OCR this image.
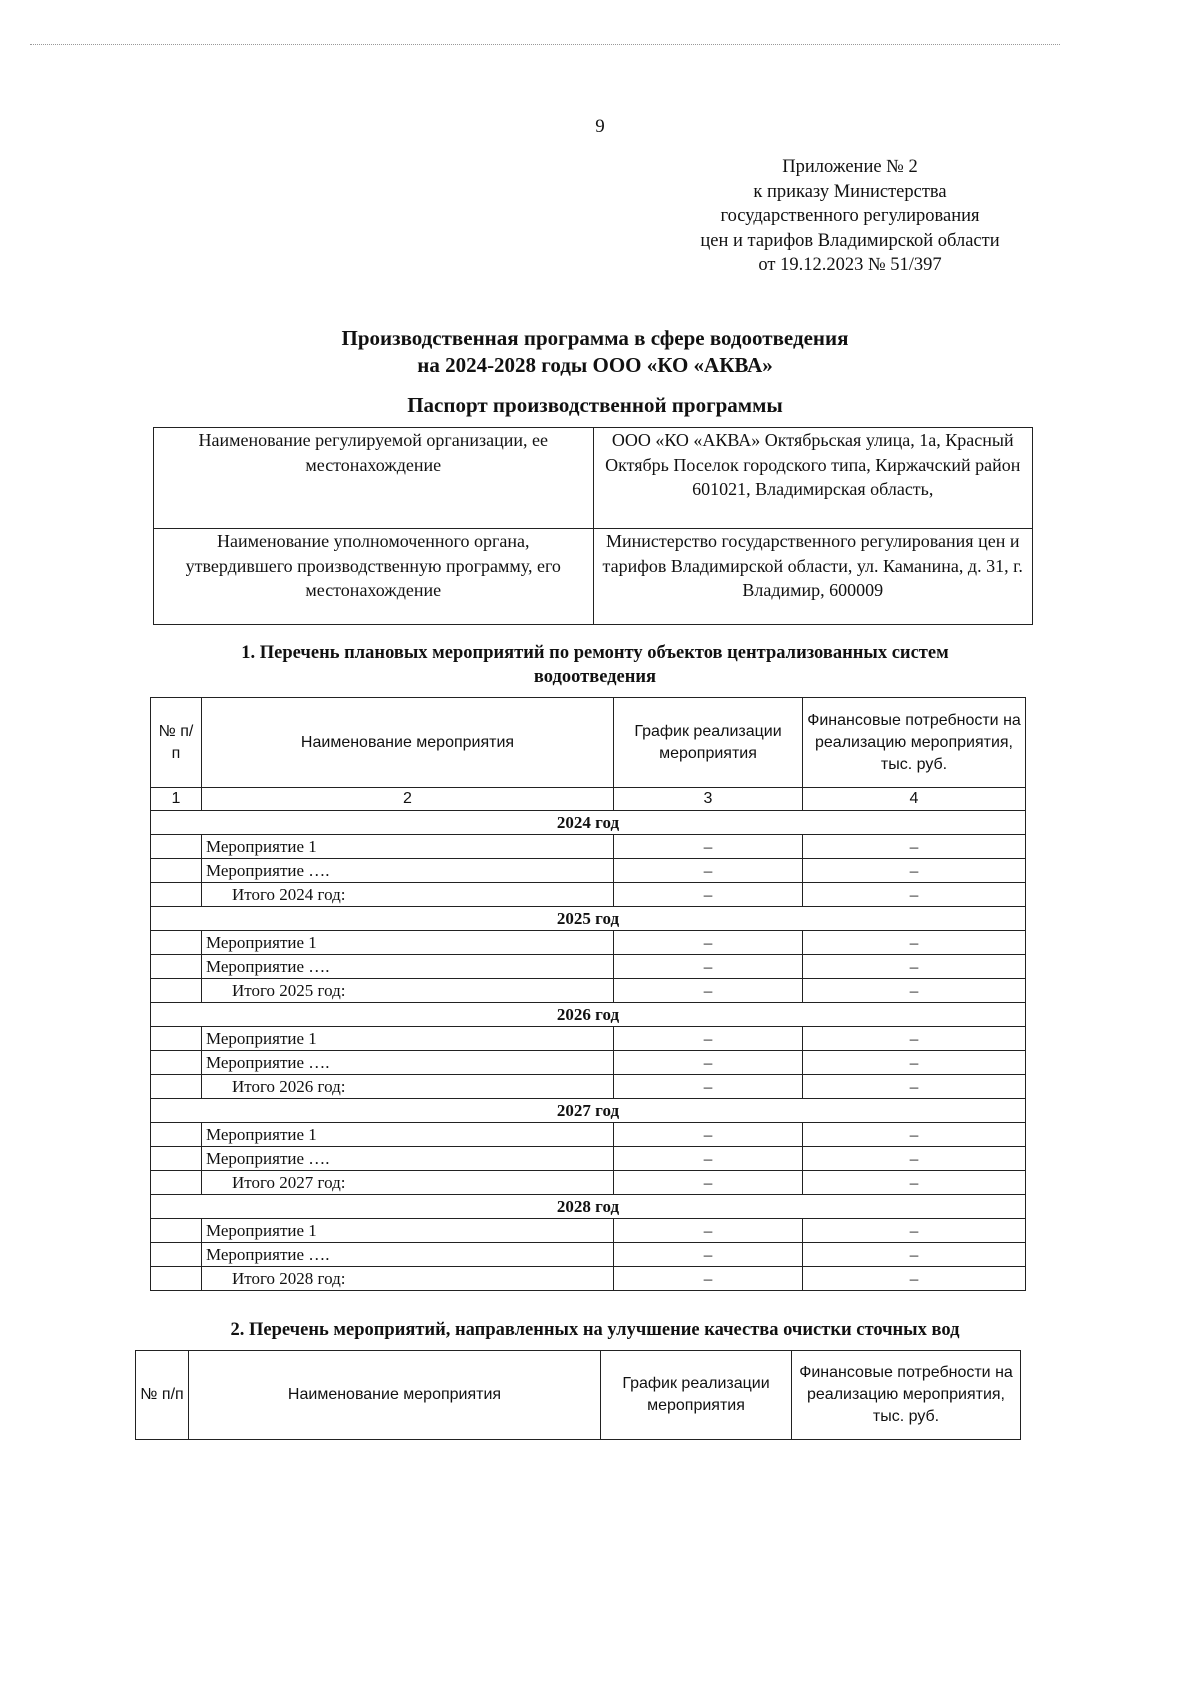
9
Приложение № 2
к приказу Министерства
государственного регулирования
цен и тарифов Владимирской области
от 19.12.2023 № 51/397
Производственная программа в сфере водоотведения
на 2024-2028 годы ООО «КО «АКВА»
Паспорт производственной программы
Наименование регулируемой организации, ее местонахождение	ООО «КО «АКВА» Октябрьская улица, 1а, Красный Октябрь Поселок городского типа, Киржачский район 601021, Владимирская область,
Наименование уполномоченного органа, утвердившего производственную программу, его местонахождение	Министерство государственного регулирования цен и тарифов Владимирской области, ул. Каманина, д. 31, г. Владимир, 600009
1. Перечень плановых мероприятий по ремонту объектов централизованных систем водоотведения
№ п/п	Наименование мероприятия	График реализации мероприятия	Финансовые потребности на реализацию мероприятия, тыс. руб.
1	2	3	4
2024 год			
	Мероприятие 1	–	–
	Мероприятие ….	–	–
	Итого 2024 год:	–	–
2025 год			
	Мероприятие 1	–	–
	Мероприятие ….	–	–
	Итого 2025 год:	–	–
2026 год			
	Мероприятие 1	–	–
	Мероприятие ….	–	–
	Итого 2026 год:	–	–
2027 год			
	Мероприятие 1	–	–
	Мероприятие ….	–	–
	Итого 2027 год:	–	–
2028 год			
	Мероприятие 1	–	–
	Мероприятие ….	–	–
	Итого 2028 год:	–	–
2. Перечень мероприятий, направленных на улучшение качества очистки сточных вод
№ п/п	Наименование мероприятия	График реализации мероприятия	Финансовые потребности на реализацию мероприятия, тыс. руб.
